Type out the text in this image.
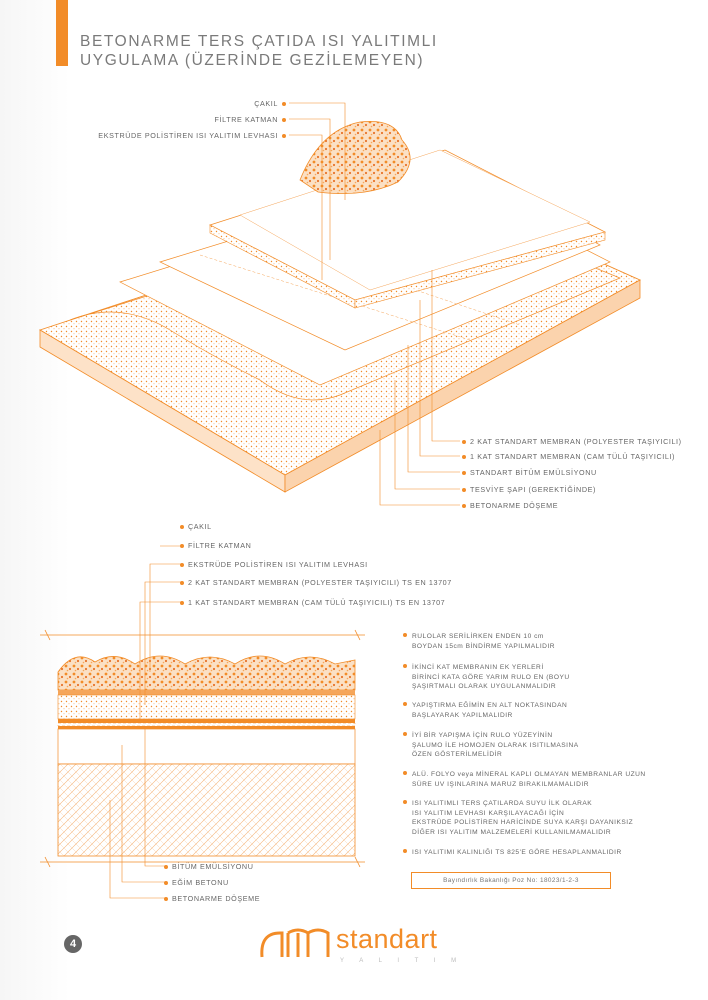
BETONARME TERS ÇATIDA ISI YALITIMLI
UYGULAMA (ÜZERİNDE GEZİLEMEYEN)
ÇAKIL
FİLTRE KATMAN
EKSTRÜDE POLİSTİREN ISI YALITIM LEVHASI
2 KAT STANDART MEMBRAN (POLYESTER TAŞIYICILI)
1 KAT STANDART MEMBRAN (CAM TÜLÜ TAŞIYICILI)
STANDART BİTÜM EMÜLSİYONU
TESVİYE ŞAPI (GEREKTİĞİNDE)
BETONARME DÖŞEME
ÇAKIL
FİLTRE KATMAN
EKSTRÜDE POLİSTİREN ISI YALITIM LEVHASI
2 KAT STANDART MEMBRAN (POLYESTER TAŞIYICILI) TS EN 13707
1 KAT STANDART MEMBRAN (CAM TÜLÜ TAŞIYICILI) TS EN 13707
BİTÜM EMÜLSİYONU
EĞİM BETONU
BETONARME DÖŞEME
RULOLAR SERİLİRKEN ENDEN 10 cm
BOYDAN 15cm BİNDİRME YAPILMALIDIR
İKİNCİ KAT MEMBRANIN EK YERLERİ
BİRİNCİ KATA GÖRE YARIM RULO EN (BOYU
ŞAŞIRTMALI OLARAK UYGULANMALIDIR
YAPIŞTIRMA EĞİMİN EN ALT NOKTASINDAN
BAŞLAYARAK YAPILMALIDIR
İYİ BİR YAPIŞMA İÇİN RULO YÜZEYİNİN
ŞALUMO İLE HOMOJEN OLARAK ISITILMASINA
ÖZEN GÖSTERİLMELİDİR
ALÜ. FOLYO veya MİNERAL KAPLI OLMAYAN MEMBRANLAR UZUN
SÜRE UV IŞINLARINA MARUZ BIRAKILMAMALIDIR
ISI YALITIMLI TERS ÇATILARDA SUYU İLK OLARAK
ISI YALITIM LEVHASI KARŞILAYACAĞI İÇİN
EKSTRÜDE POLİSTİREN HARİCİNDE SUYA KARŞI DAYANIKSIZ
DİĞER ISI YALITIM MALZEMELERİ KULLANILMAMALIDIR
ISI YALITIMI KALINLIĞI TS 825'E GÖRE HESAPLANMALIDIR
Bayındırlık Bakanlığı Poz No: 18023/1-2-3
4	standart
Y A L I T I M
